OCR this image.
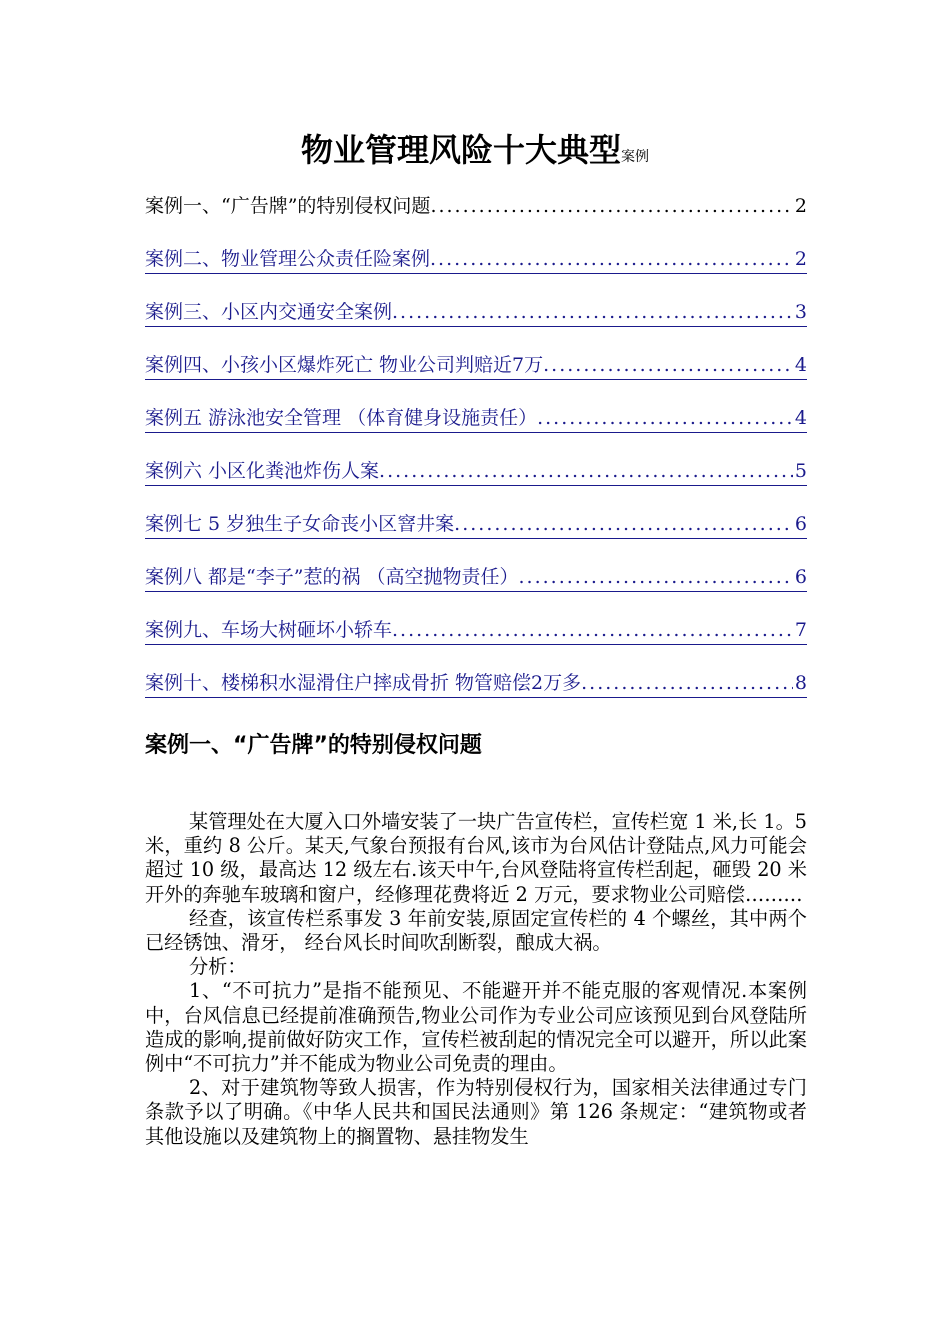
物业管理风险十大典型案例
案例一、“广告牌”的特别侵权问题 .....	2
案例二、物业管理公众责任险案例 .....	2
案例三、小区内交通安全案例 .....	3
案例四、小孩小区爆炸死亡 物业公司判赔近7万 .....	4
案例五 游泳池安全管理 （体育健身设施责任） .....	4
案例六 小区化粪池炸伤人案 .....	5
案例七 5 岁独生子女命丧小区窨井案 .....	6
案例八 都是“李子”惹的祸 （高空抛物责任） .....	6
案例九、车场大树砸坏小轿车 .....	7
案例十、楼梯积水湿滑住户摔成骨折 物管赔偿2万多 .....	8
案例一、“广告牌”的特别侵权问题

某管理处在大厦入口外墙安装了一块广告宣传栏，宣传栏宽 1 米,长 1。5 米，重约 8 公斤。某天,气象台预报有台风,该市为台风估计登陆点,风力可能会超过 10 级，最高达 12 级左右.该天中午,台风登陆将宣传栏刮起，砸毁 20 米开外的奔驰车玻璃和窗户，经修理花费将近 2 万元，要求物业公司赔偿………

经查，该宣传栏系事发 3 年前安装,原固定宣传栏的 4 个螺丝，其中两个已经锈蚀、滑牙， 经台风长时间吹刮断裂，酿成大祸。

分析：

1、“不可抗力”是指不能预见、不能避开并不能克服的客观情况.本案例中，台风信息已经提前准确预告,物业公司作为专业公司应该预见到台风登陆所造成的影响,提前做好防灾工作，宣传栏被刮起的情况完全可以避开，所以此案例中“不可抗力”并不能成为物业公司免责的理由。

2、对于建筑物等致人损害，作为特别侵权行为，国家相关法律通过专门条款予以了明确。《中华人民共和国民法通则》第 126 条规定：“建筑物或者其他设施以及建筑物上的搁置物、悬挂物发生
